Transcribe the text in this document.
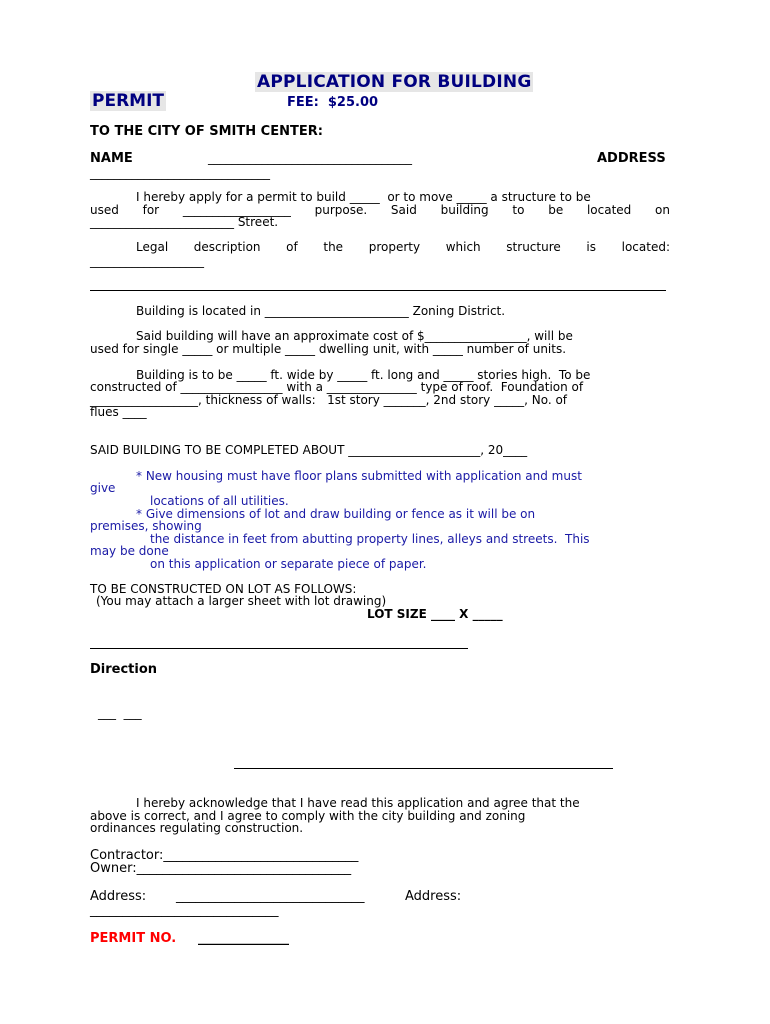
APPLICATION FOR BUILDING
PERMIT	FEE:  $25.00
TO THE CITY OF SMITH CENTER:
NAME	__________________________________	ADDRESS
______________________________
I hereby apply for a permit to build _____  or to move _____ a structure to be
used for __________________ purpose. Said building to be located on
________________________ Street.
Legal   description   of   the   property   which   structure   is   located:
___________________
Building is located in ________________________ Zoning District.
Said building will have an approximate cost of $_________________, will be
used for single _____ or multiple _____ dwelling unit, with _____ number of units.
Building is to be _____ ft. wide by _____ ft. long and _____ stories high.  To be
constructed of _________________ with a _______________ type of roof.  Foundation of
__________________, thickness of walls:   1st story _______, 2nd story _____, No. of
flues ____
SAID BUILDING TO BE COMPLETED ABOUT ______________________, 20____
* New housing must have floor plans submitted with application and must
give
locations of all utilities.
* Give dimensions of lot and draw building or fence as it will be on
premises, showing
the distance in feet from abutting property lines, alleys and streets.  This
may be done
on this application or separate piece of paper.
TO BE CONSTRUCTED ON LOT AS FOLLOWS:
(You may attach a larger sheet with lot drawing)
LOT SIZE ____ X _____
Direction
___  ___
I hereby acknowledge that I have read this application and agree that the
above is correct, and I agree to comply with the city building and zoning
ordinances regulating construction.
Contractor:______________________________
Owner:_________________________________
Address: _____________________________	Address:
_____________________________
PERMIT NO. ______________
